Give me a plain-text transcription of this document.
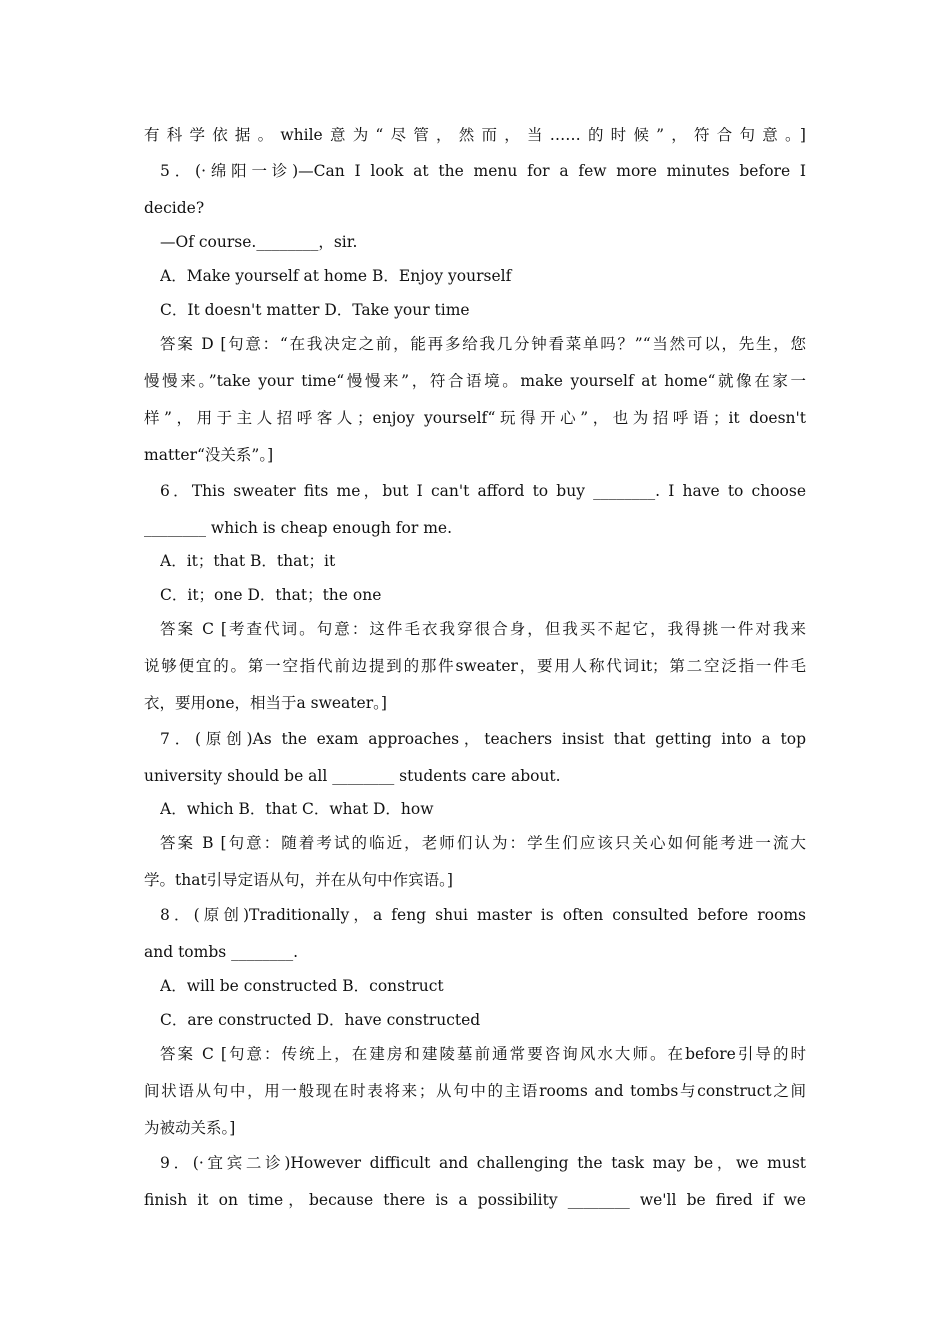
有科学依据。while意为“尽管，然而，当……的时候”，符合句意。]
5．(·绵阳一诊)—Can I look at the menu for a few more minutes before I
decide?
—Of course.________，sir.
A．Make yourself at home B．Enjoy yourself
C．It doesn't matter D．Take your time
答案 D [句意：“在我决定之前，能再多给我几分钟看菜单吗？”“当然可以，先生，您
慢慢来。”take your time“慢慢来”，符合语境。make yourself at home“就像在家一
样”，用于主人招呼客人；enjoy yourself“玩得开心”，也为招呼语；it doesn't
matter“没关系”。]
6．This sweater fits me，but I can't afford to buy ________. I have to choose
________ which is cheap enough for me.
A．it；that B．that；it
C．it；one D．that；the one
答案 C [考查代词。句意：这件毛衣我穿很合身，但我买不起它，我得挑一件对我来
说够便宜的。第一空指代前边提到的那件sweater，要用人称代词it；第二空泛指一件毛
衣，要用one，相当于a sweater。]
7．(原创)As the exam approaches，teachers insist that getting into a top
university should be all ________ students care about.
A．which B．that C．what D．how
答案 B [句意：随着考试的临近，老师们认为：学生们应该只关心如何能考进一流大
学。that引导定语从句，并在从句中作宾语。]
8．(原创)Traditionally，a feng shui master is often consulted before rooms
and tombs ________.
A．will be constructed B．construct
C．are constructed D．have constructed
答案 C [句意：传统上，在建房和建陵墓前通常要咨询风水大师。在before引导的时
间状语从句中，用一般现在时表将来；从句中的主语rooms and tombs与construct之间
为被动关系。]
9．(·宜宾二诊)However difficult and challenging the task may be，we must
finish it on time，because there is a possibility ________ we'll be fired if we
